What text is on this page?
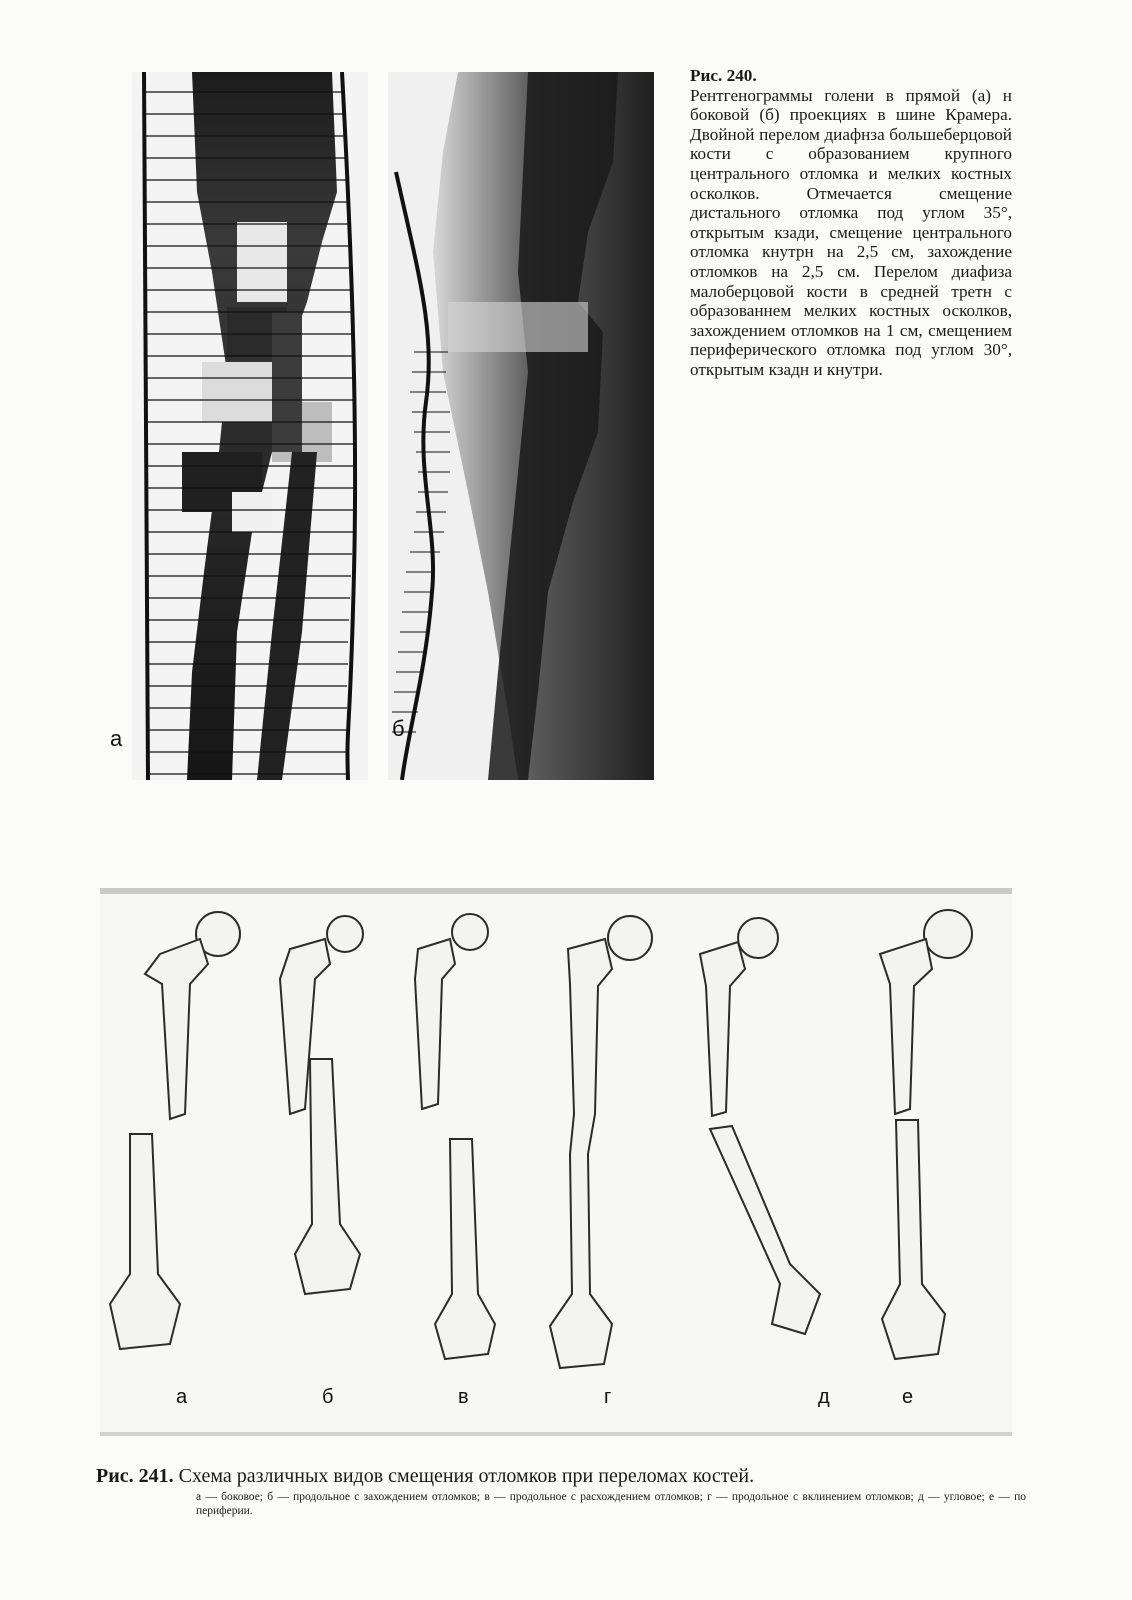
а	б
Рис. 240.
Рентгенограммы голени в прямой (а) н боковой (б) проекциях в шине Крамера. Двойной перелом диафнза большеберцовой кости с образованием крупного центрального отломка и мелких костных осколков. Отмечается смещение дистального отломка под углом 35°, открытым кзади, смещение центрального отломка кнутрн на 2,5 см, захождение отломков на 2,5 см. Перелом диафиза малоберцовой кости в средней третн с образованнем мелких костных осколков, захождением отломков на 1 см, смещением периферического отломка под углом 30°, открытым кзадн и кнутри.
а	б	в	г	д	е
Рис. 241. Схема различных видов смещения отломков при переломах костей.
а — боковое; б — продольное с захождением отломков; в — продольное с расхождением отломков; г — продольное с вклинением отломков; д — угловое; е — по периферии.
